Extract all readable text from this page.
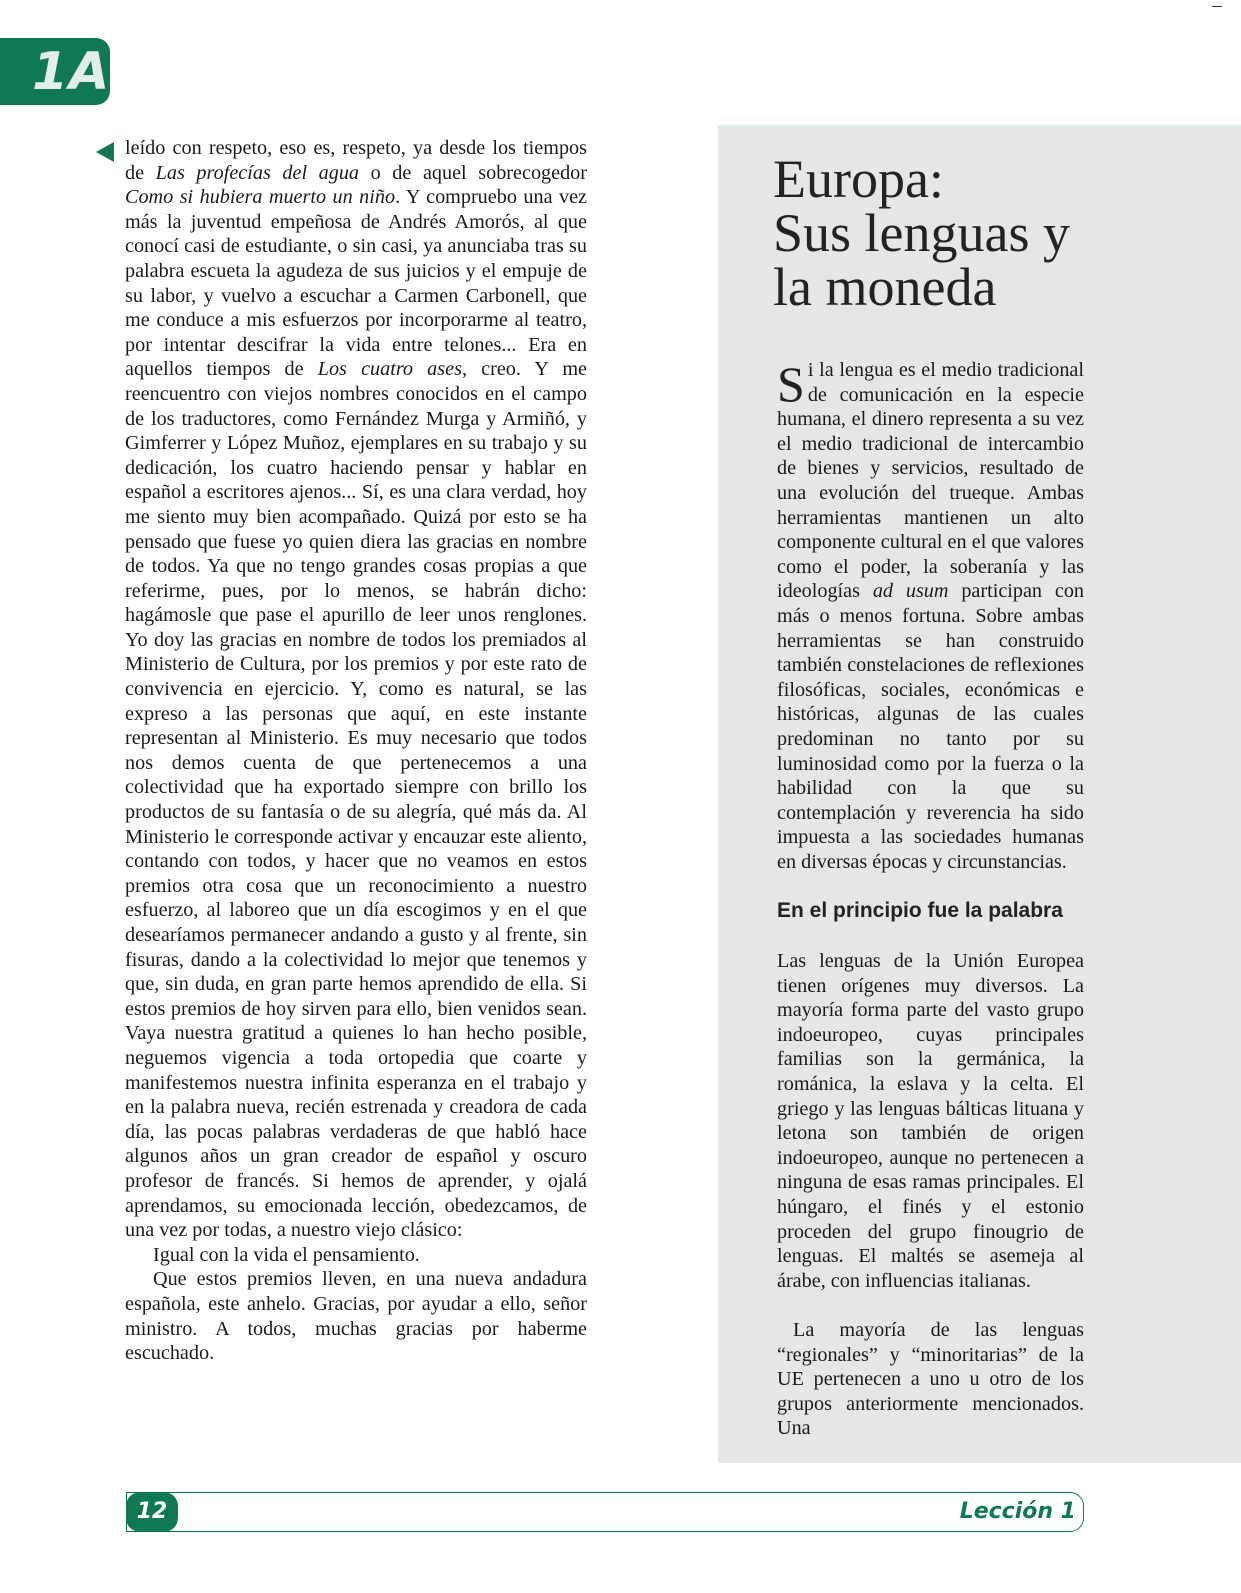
1A

leído con respeto, eso es, respeto, ya desde los tiempos de Las profecías del agua o de aquel sobrecogedor Como si hubiera muerto un niño. Y compruebo una vez más la juventud empeñosa de Andrés Amorós, al que conocí casi de estudiante, o sin casi, ya anunciaba tras su palabra escueta la agudeza de sus juicios y el empuje de su labor, y vuelvo a escuchar a Carmen Carbonell, que me conduce a mis esfuerzos por incorporarme al teatro, por intentar descifrar la vida entre telones... Era en aquellos tiempos de Los cuatro ases, creo. Y me reencuentro con viejos nombres conocidos en el campo de los traductores, como Fernández Murga y Armiñó, y Gimferrer y López Muñoz, ejemplares en su trabajo y su dedicación, los cuatro haciendo pensar y hablar en español a escritores ajenos... Sí, es una clara verdad, hoy me siento muy bien acompañado. Quizá por esto se ha pensado que fuese yo quien diera las gracias en nombre de todos. Ya que no tengo grandes cosas propias a que referirme, pues, por lo menos, se habrán dicho: hagámosle que pase el apurillo de leer unos renglones. Yo doy las gracias en nombre de todos los premiados al Ministerio de Cultura, por los premios y por este rato de convivencia en ejercicio. Y, como es natural, se las expreso a las personas que aquí, en este instante representan al Ministerio. Es muy necesario que todos nos demos cuenta de que pertenecemos a una colectividad que ha exportado siempre con brillo los productos de su fantasía o de su alegría, qué más da. Al Ministerio le corresponde activar y encauzar este aliento, contando con todos, y hacer que no veamos en estos premios otra cosa que un reconocimiento a nuestro esfuerzo, al laboreo que un día escogimos y en el que desearíamos permanecer andando a gusto y al frente, sin fisuras, dando a la colectividad lo mejor que tenemos y que, sin duda, en gran parte hemos aprendido de ella. Si estos premios de hoy sirven para ello, bien venidos sean. Vaya nuestra gratitud a quienes lo han hecho posible, neguemos vigencia a toda ortopedia que coarte y manifestemos nuestra infinita esperanza en el trabajo y en la palabra nueva, recién estrenada y creadora de cada día, las pocas palabras verdaderas de que habló hace algunos años un gran creador de español y oscuro profesor de francés. Si hemos de aprender, y ojalá aprendamos, su emocionada lección, obedezcamos, de una vez por todas, a nuestro viejo clásico:

Igual con la vida el pensamiento.

Que estos premios lleven, en una nueva andadura española, este anhelo. Gracias, por ayudar a ello, señor ministro. A todos, muchas gracias por haberme escuchado.

Europa:
Sus lenguas y
la moneda

Si la lengua es el medio tradicional de comunicación en la especie humana, el dinero representa a su vez el medio tradicional de intercambio de bienes y servicios, resultado de una evolución del trueque. Ambas herramientas mantienen un alto componente cultural en el que valores como el poder, la soberanía y las ideologías ad usum participan con más o menos fortuna. Sobre ambas herramientas se han construido también constelaciones de reflexiones filosóficas, sociales, económicas e históricas, algunas de las cuales predominan no tanto por su luminosidad como por la fuerza o la habilidad con la que su contemplación y reverencia ha sido impuesta a las sociedades humanas en diversas épocas y circunstancias.

En el principio fue la palabra

Las lenguas de la Unión Europea tienen orígenes muy diversos. La mayoría forma parte del vasto grupo indoeuropeo, cuyas principales familias son la germánica, la románica, la eslava y la celta. El griego y las lenguas bálticas lituana y letona son también de origen indoeuropeo, aunque no pertenecen a ninguna de esas ramas principales. El húngaro, el finés y el estonio proceden del grupo finougrio de lenguas. El maltés se asemeja al árabe, con influencias italianas.

La mayoría de las lenguas “regionales” y “minoritarias” de la UE pertenecen a uno u otro de los grupos anteriormente mencionados. Una

12	Lección 1
